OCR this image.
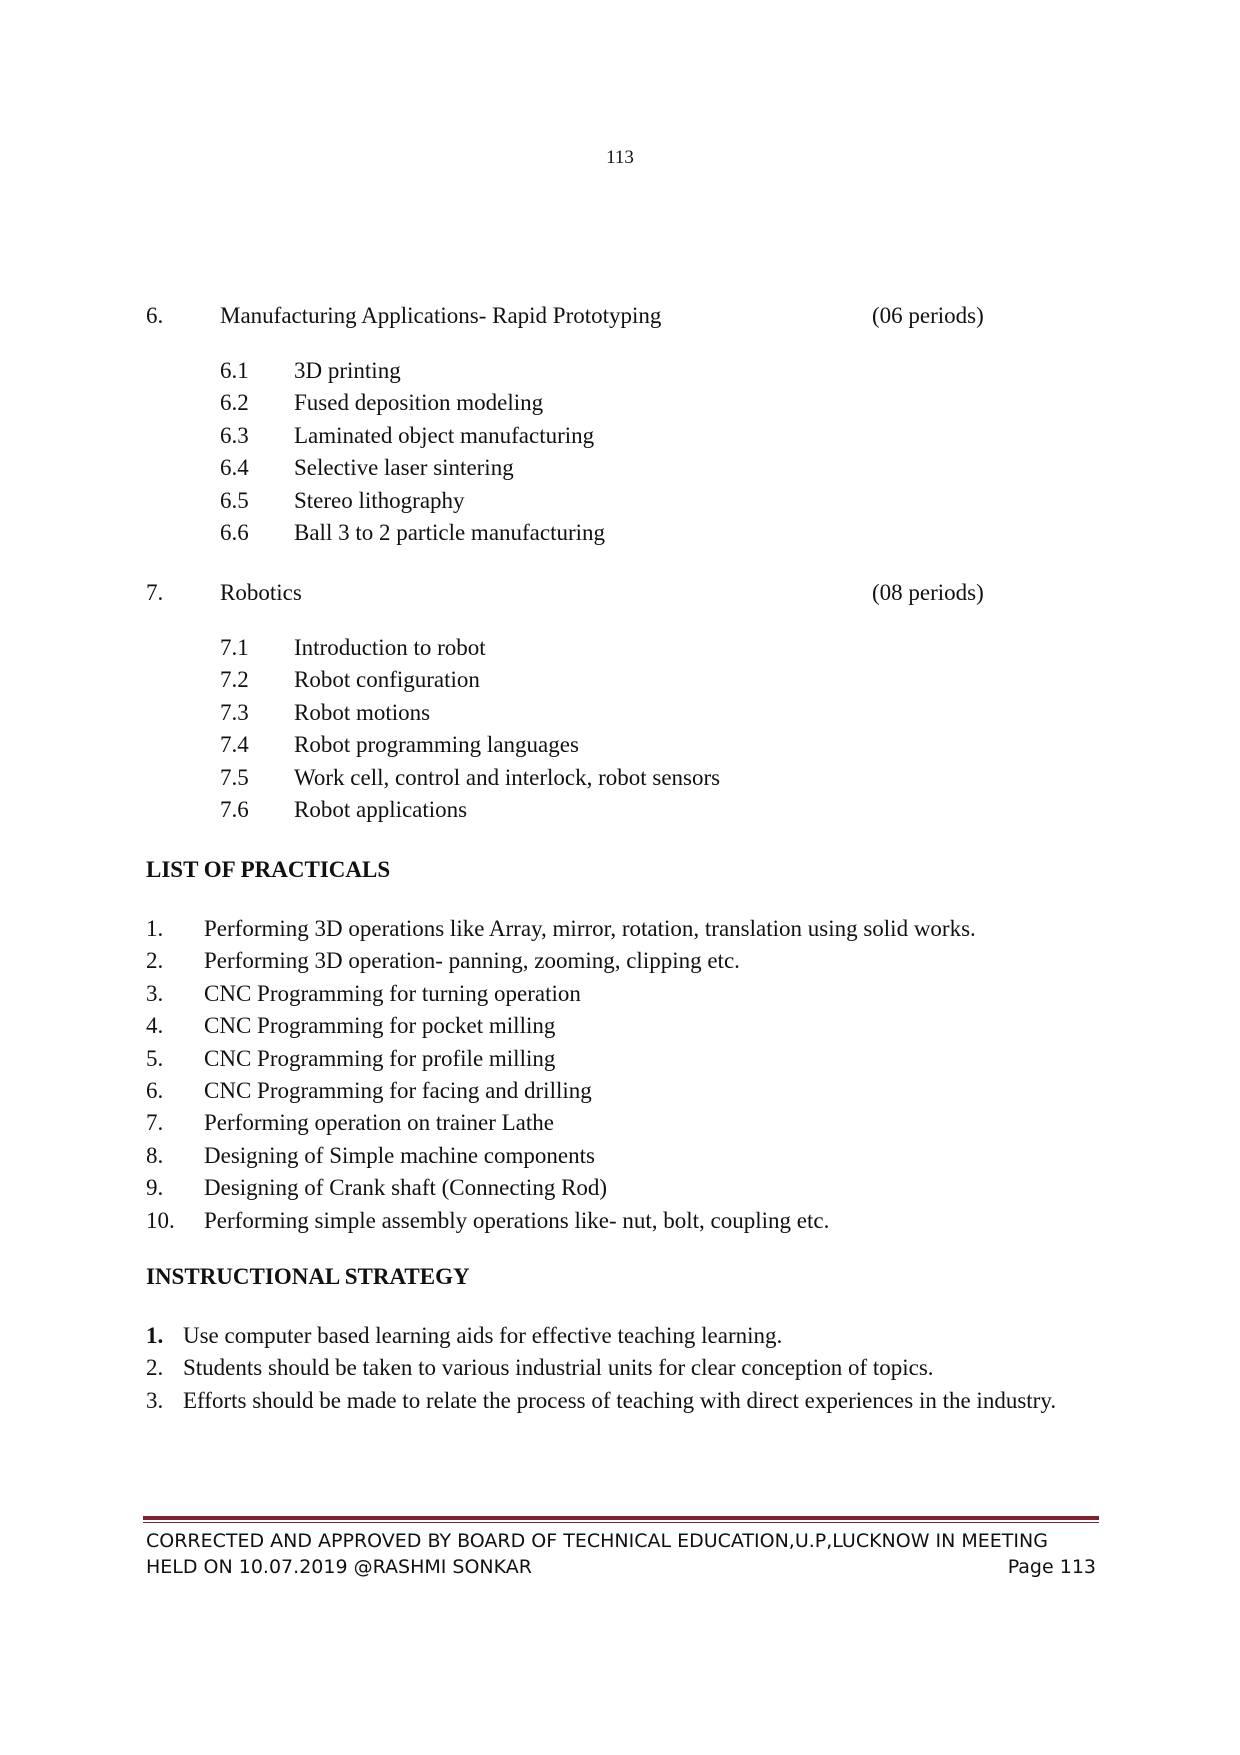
113
6.	Manufacturing Applications- Rapid Prototyping	(06 periods)
6.1	3D printing
6.2	Fused deposition modeling
6.3	Laminated object manufacturing
6.4	Selective laser sintering
6.5	Stereo lithography
6.6	Ball 3 to 2 particle manufacturing
7.	Robotics	(08 periods)
7.1	Introduction to robot
7.2	Robot configuration
7.3	Robot motions
7.4	Robot programming languages
7.5	Work cell, control and interlock, robot sensors
7.6	Robot applications
LIST OF PRACTICALS
1.	Performing 3D operations like Array, mirror, rotation, translation using solid works.
2.	Performing 3D operation- panning, zooming, clipping etc.
3.	CNC Programming for turning operation
4.	CNC Programming for pocket milling
5.	CNC Programming for profile milling
6.	CNC Programming for facing and drilling
7.	Performing operation on trainer Lathe
8.	Designing of Simple machine components
9.	Designing of Crank shaft (Connecting Rod)
10.	Performing simple assembly operations like- nut, bolt, coupling etc.
INSTRUCTIONAL STRATEGY
1. Use computer based learning aids for effective teaching learning.
2. Students should be taken to various industrial units for clear conception of topics.
3. Efforts should be made to relate the process of teaching with direct experiences in the industry.
CORRECTED AND APPROVED BY BOARD OF TECHNICAL EDUCATION,U.P,LUCKNOW IN MEETING
HELD ON 10.07.2019 @RASHMI SONKAR	Page 113
